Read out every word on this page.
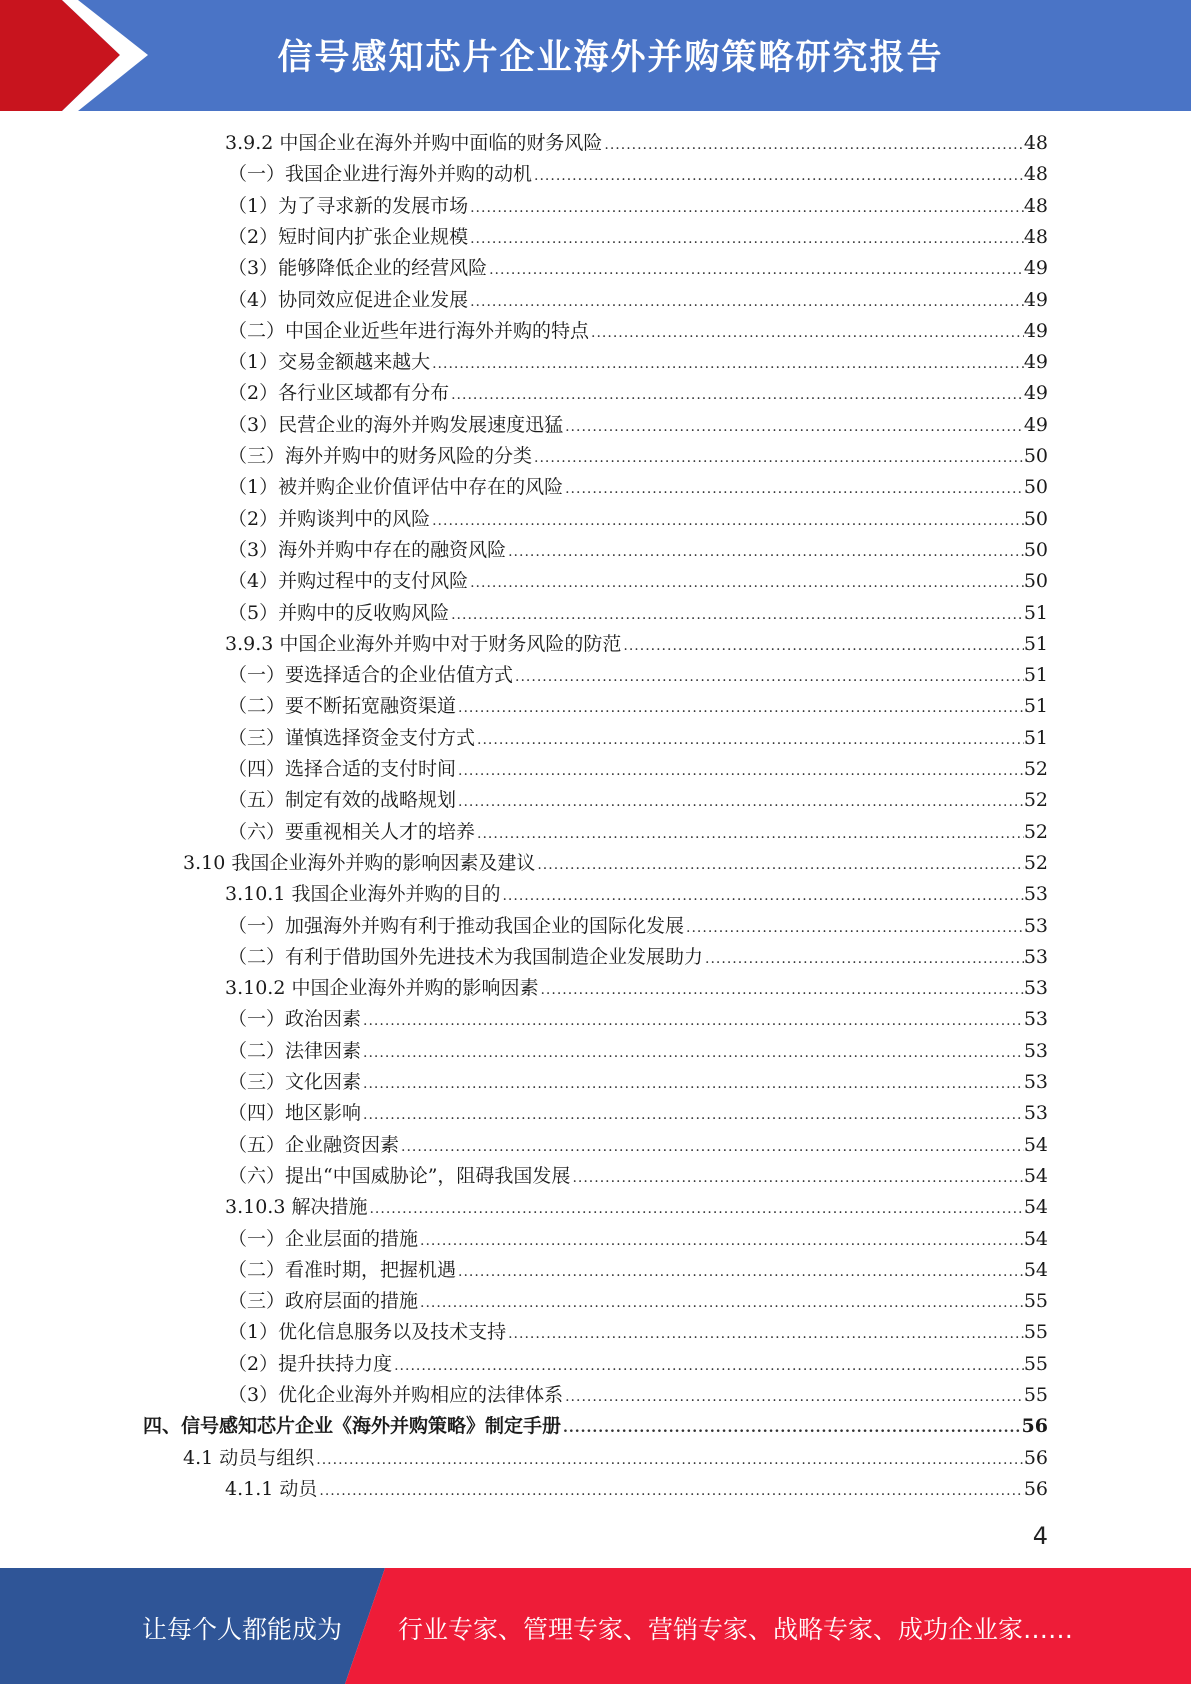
信号感知芯片企业海外并购策略研究报告
3.9.2 中国企业在海外并购中面临的财务风险 .....	48
（一）我国企业进行海外并购的动机 .....	48
（1）为了寻求新的发展市场 .....	48
（2）短时间内扩张企业规模 .....	48
（3）能够降低企业的经营风险 .....	49
（4）协同效应促进企业发展 .....	49
（二）中国企业近些年进行海外并购的特点 .....	49
（1）交易金额越来越大 .....	49
（2）各行业区域都有分布 .....	49
（3）民营企业的海外并购发展速度迅猛 .....	49
（三）海外并购中的财务风险的分类 .....	50
（1）被并购企业价值评估中存在的风险 .....	50
（2）并购谈判中的风险 .....	50
（3）海外并购中存在的融资风险 .....	50
（4）并购过程中的支付风险 .....	50
（5）并购中的反收购风险 .....	51
3.9.3 中国企业海外并购中对于财务风险的防范 .....	51
（一）要选择适合的企业估值方式 .....	51
（二）要不断拓宽融资渠道 .....	51
（三）谨慎选择资金支付方式 .....	51
（四）选择合适的支付时间 .....	52
（五）制定有效的战略规划 .....	52
（六）要重视相关人才的培养 .....	52
3.10 我国企业海外并购的影响因素及建议 .....	52
3.10.1 我国企业海外并购的目的 .....	53
（一）加强海外并购有利于推动我国企业的国际化发展 .....	53
（二）有利于借助国外先进技术为我国制造企业发展助力 .....	53
3.10.2 中国企业海外并购的影响因素 .....	53
（一）政治因素 .....	53
（二）法律因素 .....	53
（三）文化因素 .....	53
（四）地区影响 .....	53
（五）企业融资因素 .....	54
（六）提出“中国威胁论”，阻碍我国发展 .....	54
3.10.3 解决措施 .....	54
（一）企业层面的措施 .....	54
（二）看准时期，把握机遇 .....	54
（三）政府层面的措施 .....	55
（1）优化信息服务以及技术支持 .....	55
（2）提升扶持力度 .....	55
（3）优化企业海外并购相应的法律体系 .....	55
四、信号感知芯片企业《海外并购策略》制定手册 .....	56
4.1 动员与组织 .....	56
4.1.1 动员 .....	56
4
让每个人都能成为 行业专家、管理专家、营销专家、战略专家、成功企业家……
